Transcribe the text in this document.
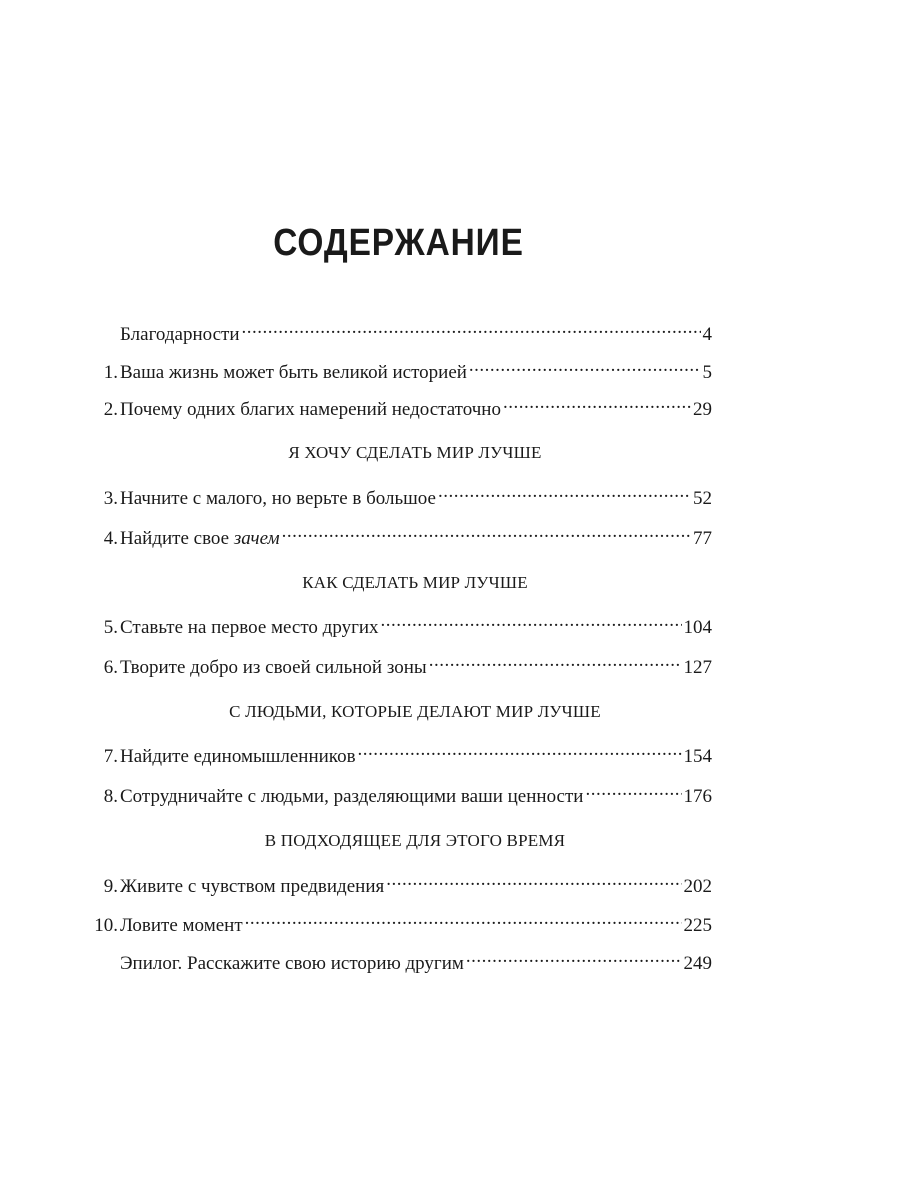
СОДЕРЖАНИЕ
Благодарности .....	4
1. Ваша жизнь может быть великой историей .....	5
2. Почему одних благих намерений недостаточно .....	29
Я ХОЧУ СДЕЛАТЬ МИР ЛУЧШЕ
3. Начните с малого, но верьте в большое .....	52
4. Найдите свое зачем .....	77
КАК СДЕЛАТЬ МИР ЛУЧШЕ
5. Ставьте на первое место других .....	104
6. Творите добро из своей сильной зоны .....	127
С ЛЮДЬМИ, КОТОРЫЕ ДЕЛАЮТ МИР ЛУЧШЕ
7. Найдите единомышленников .....	154
8. Сотрудничайте с людьми, разделяющими ваши ценности .....	176
В ПОДХОДЯЩЕЕ ДЛЯ ЭТОГО ВРЕМЯ
9. Живите с чувством предвидения .....	202
10. Ловите момент .....	225
Эпилог. Расскажите свою историю другим .....	249
